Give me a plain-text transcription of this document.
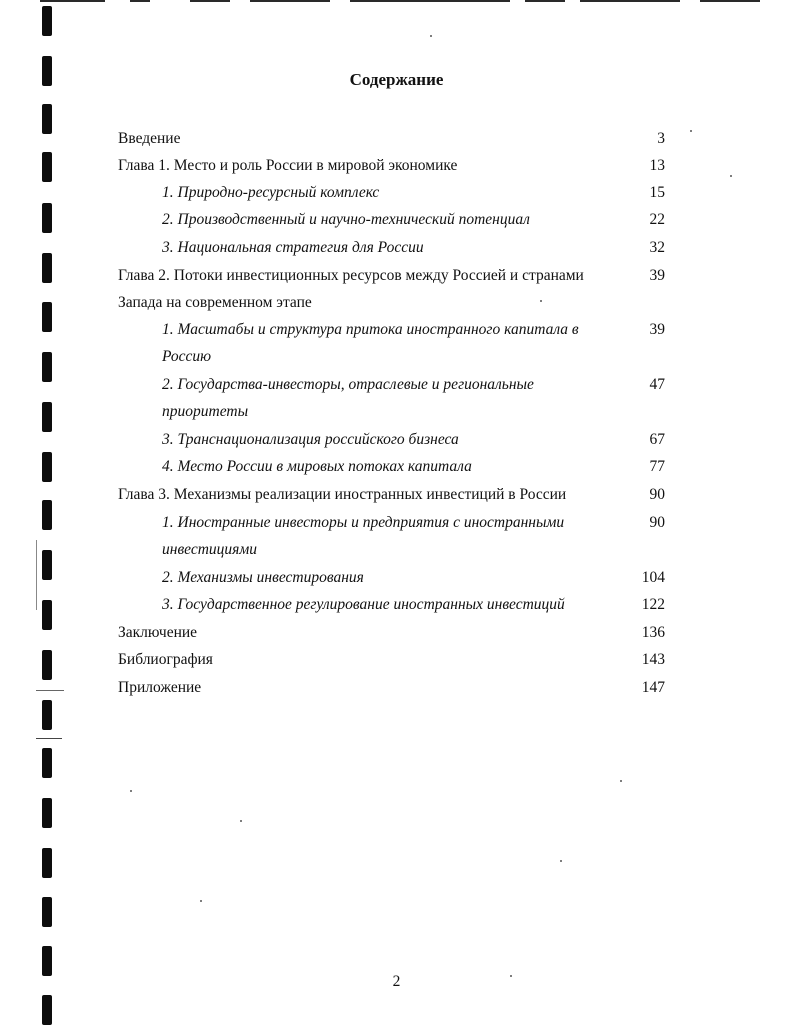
Содержание
Введение	3
Глава 1. Место и роль России в мировой экономике	13
1. Природно-ресурсный комплекс	15
2. Производственный и научно-технический потенциал	22
3. Национальная стратегия для России	32
Глава 2. Потоки инвестиционных ресурсов между Россией и странами	39
Запада на современном этапе
1. Масштабы и структура притока иностранного капитала в	39
Россию
2. Государства-инвесторы, отраслевые и региональные	47
приоритеты
3. Транснационализация российского бизнеса	67
4. Место России в мировых потоках капитала	77
Глава 3. Механизмы реализации иностранных инвестиций в России	90
1. Иностранные инвесторы и предприятия с иностранными	90
инвестициями
2. Механизмы инвестирования	104
3. Государственное регулирование иностранных инвестиций	122
Заключение	136
Библиография	143
Приложение	147
2
